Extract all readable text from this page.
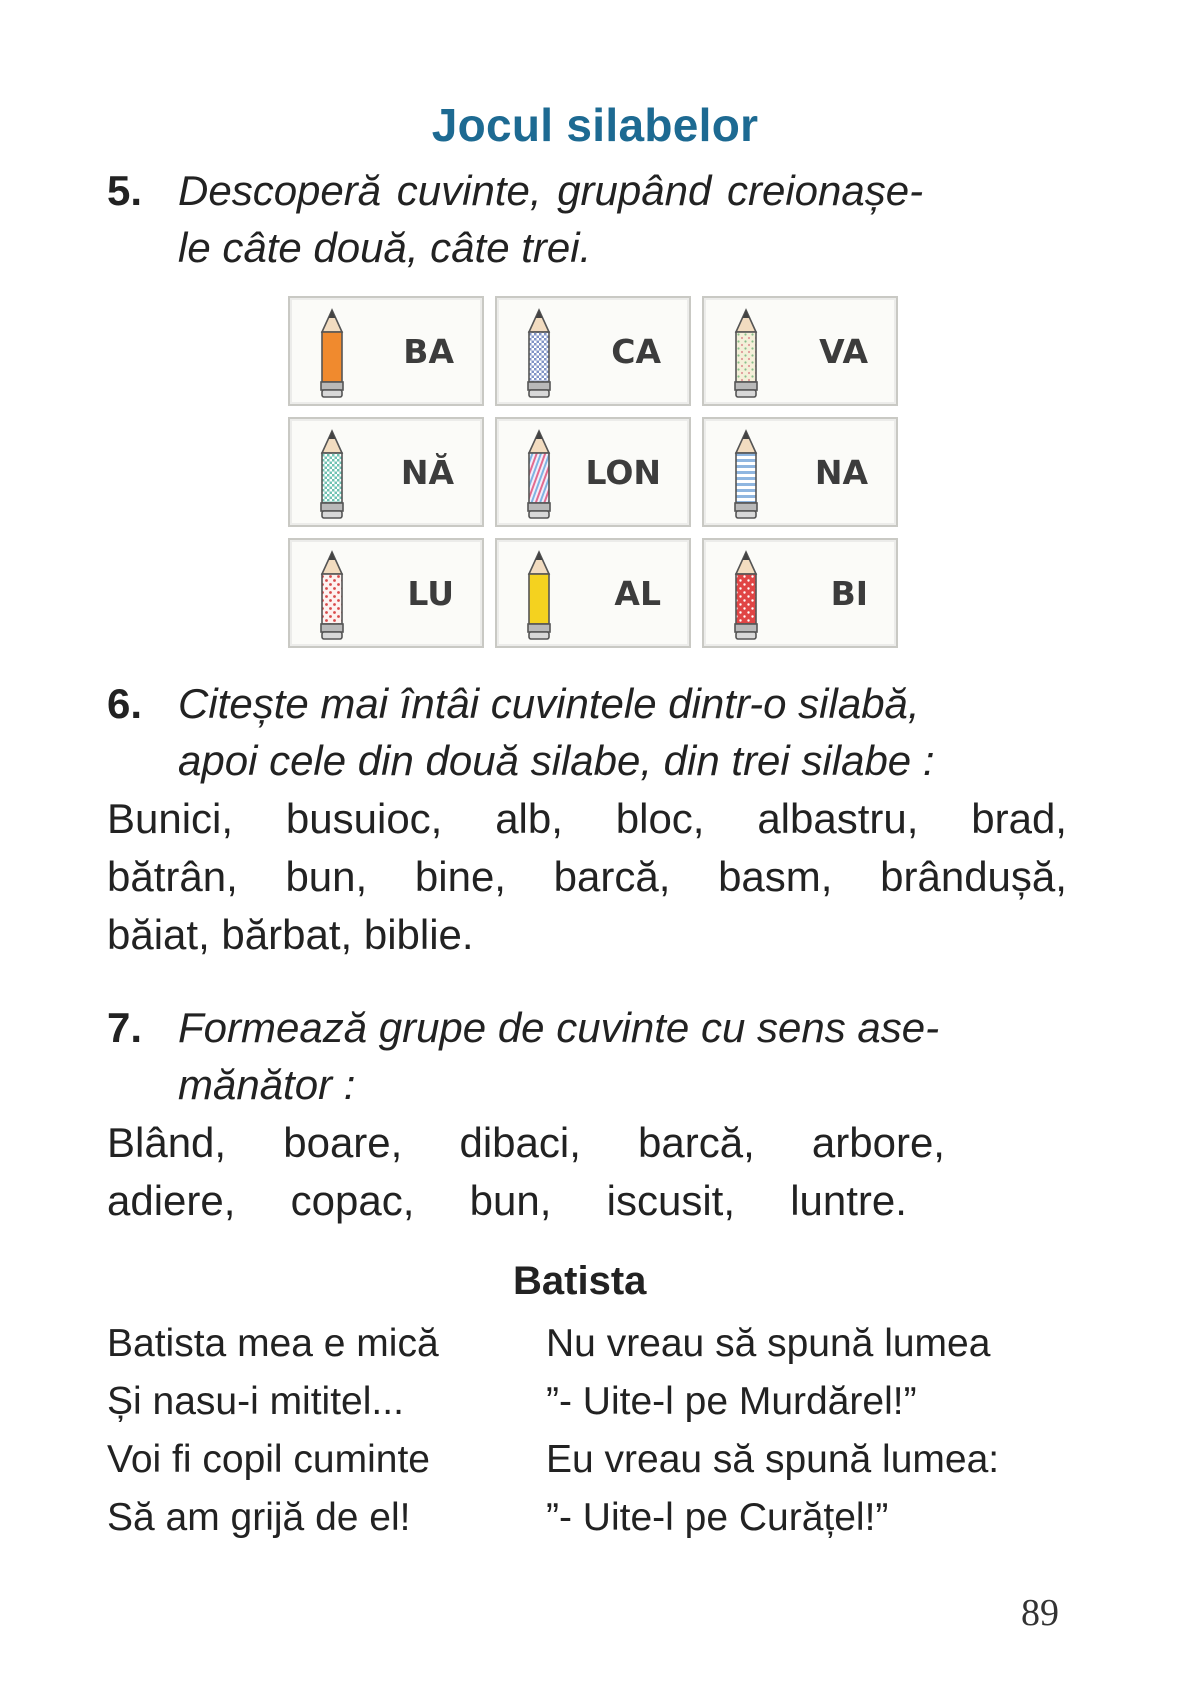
Jocul silabelor
5. Descoperă cuvinte, grupând creionașe-
le câte două, câte trei.
BA	CA	VA
NĂ	LON	NA
LU	AL	BI
6. Citește mai întâi cuvintele dintr-o silabă,
apoi cele din două silabe, din trei silabe :
Bunici, busuioc, alb, bloc, albastru, brad,
bătrân, bun, bine, barcă, basm, brândușă,
băiat, bărbat, biblie.
7. Formează grupe de cuvinte cu sens ase-
mănător :
Blând, boare, dibaci, barcă, arbore,
adiere, copac, bun, iscusit, luntre.
Batista
Batista mea e mică
Și nasu-i mititel...
Voi fi copil cuminte
Să am grijă de el!
Nu vreau să spună lumea
”- Uite-l pe Murdărel!”
Eu vreau să spună lumea:
”- Uite-l pe Curățel!”
89
